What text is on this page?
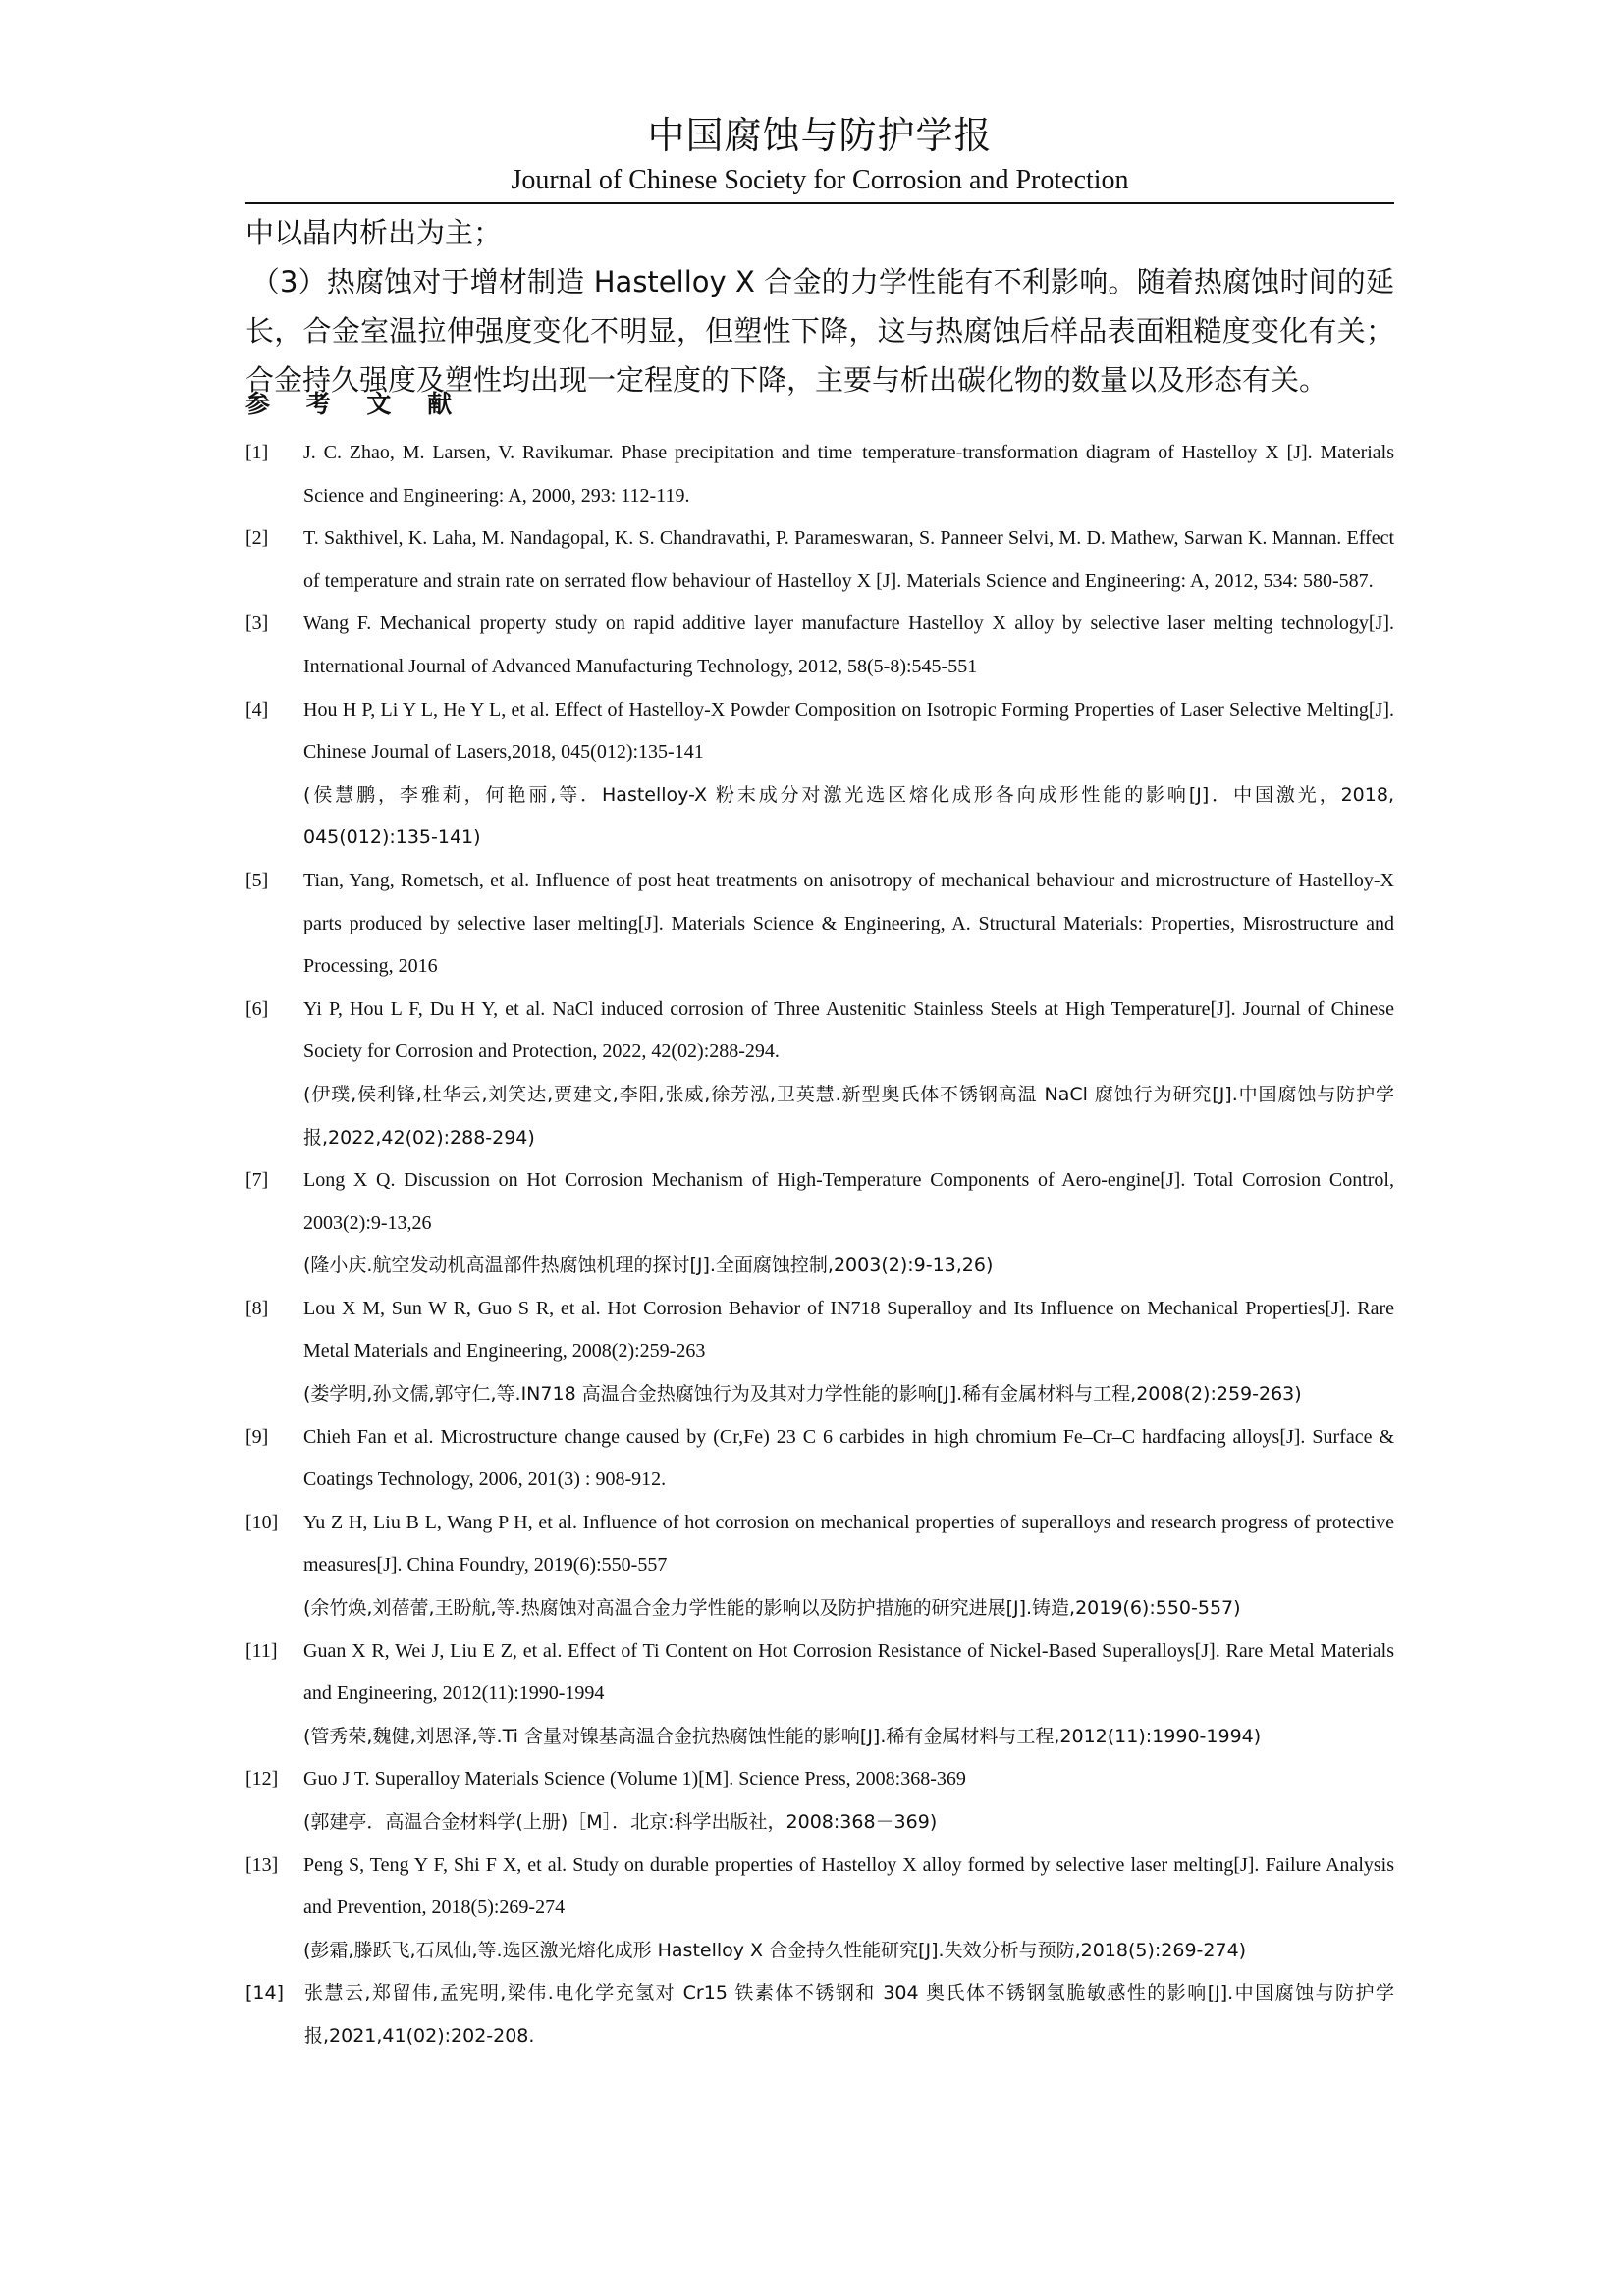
中国腐蚀与防护学报
Journal of Chinese Society for Corrosion and Protection

中以晶内析出为主；

（3）热腐蚀对于增材制造 Hastelloy X 合金的力学性能有不利影响。随着热腐蚀时间的延长，合金室温拉伸强度变化不明显，但塑性下降，这与热腐蚀后样品表面粗糙度变化有关；合金持久强度及塑性均出现一定程度的下降，主要与析出碳化物的数量以及形态有关。

参 考 文 献
[1] J. C. Zhao, M. Larsen, V. Ravikumar. Phase precipitation and time–temperature-transformation diagram of Hastelloy X [J]. Materials Science and Engineering: A, 2000, 293: 112-119.
[2] T. Sakthivel, K. Laha, M. Nandagopal, K. S. Chandravathi, P. Parameswaran, S. Panneer Selvi, M. D. Mathew, Sarwan K. Mannan. Effect of temperature and strain rate on serrated flow behaviour of Hastelloy X [J]. Materials Science and Engineering: A, 2012, 534: 580-587.
[3] Wang F. Mechanical property study on rapid additive layer manufacture Hastelloy X alloy by selective laser melting technology[J]. International Journal of Advanced Manufacturing Technology, 2012, 58(5-8):545-551
[4] Hou H P, Li Y L, He Y L, et al. Effect of Hastelloy-X Powder Composition on Isotropic Forming Properties of Laser Selective Melting[J]. Chinese Journal of Lasers,2018, 045(012):135-141
(侯慧鹏，李雅莉，何艳丽,等．Hastelloy-X 粉末成分对激光选区熔化成形各向成形性能的影响[J]．中国激光，2018, 045(012):135-141)
[5] Tian, Yang, Rometsch, et al. Influence of post heat treatments on anisotropy of mechanical behaviour and microstructure of Hastelloy-X parts produced by selective laser melting[J]. Materials Science & Engineering, A. Structural Materials: Properties, Misrostructure and Processing, 2016
[6] Yi P, Hou L F, Du H Y, et al. NaCl induced corrosion of Three Austenitic Stainless Steels at High Temperature[J]. Journal of Chinese Society for Corrosion and Protection, 2022, 42(02):288-294.
(伊璞,侯利锋,杜华云,刘笑达,贾建文,李阳,张威,徐芳泓,卫英慧.新型奥氏体不锈钢高温 NaCl 腐蚀行为研究[J].中国腐蚀与防护学报,2022,42(02):288-294)
[7] Long X Q. Discussion on Hot Corrosion Mechanism of High-Temperature Components of Aero-engine[J]. Total Corrosion Control, 2003(2):9-13,26
(隆小庆.航空发动机高温部件热腐蚀机理的探讨[J].全面腐蚀控制,2003(2):9-13,26)
[8] Lou X M, Sun W R, Guo S R, et al. Hot Corrosion Behavior of IN718 Superalloy and Its Influence on Mechanical Properties[J]. Rare Metal Materials and Engineering, 2008(2):259-263
(娄学明,孙文儒,郭守仁,等.IN718 高温合金热腐蚀行为及其对力学性能的影响[J].稀有金属材料与工程,2008(2):259-263)
[9] Chieh Fan et al. Microstructure change caused by (Cr,Fe) 23 C 6 carbides in high chromium Fe–Cr–C hardfacing alloys[J]. Surface & Coatings Technology, 2006, 201(3) : 908-912.
[10] Yu Z H, Liu B L, Wang P H, et al. Influence of hot corrosion on mechanical properties of superalloys and research progress of protective measures[J]. China Foundry, 2019(6):550-557
(余竹焕,刘蓓蕾,王盼航,等.热腐蚀对高温合金力学性能的影响以及防护措施的研究进展[J].铸造,2019(6):550-557)
[11] Guan X R, Wei J, Liu E Z, et al. Effect of Ti Content on Hot Corrosion Resistance of Nickel-Based Superalloys[J]. Rare Metal Materials and Engineering, 2012(11):1990-1994
(管秀荣,魏健,刘恩泽,等.Ti 含量对镍基高温合金抗热腐蚀性能的影响[J].稀有金属材料与工程,2012(11):1990-1994)
[12] Guo J T. Superalloy Materials Science (Volume 1)[M]. Science Press, 2008:368-369
(郭建亭．高温合金材料学(上册)［M］．北京:科学出版社，2008:368－369)
[13] Peng S, Teng Y F, Shi F X, et al. Study on durable properties of Hastelloy X alloy formed by selective laser melting[J]. Failure Analysis and Prevention, 2018(5):269-274
(彭霜,滕跃飞,石凤仙,等.选区激光熔化成形 Hastelloy X 合金持久性能研究[J].失效分析与预防,2018(5):269-274)
[14] 张慧云,郑留伟,孟宪明,梁伟.电化学充氢对 Cr15 铁素体不锈钢和 304 奥氏体不锈钢氢脆敏感性的影响[J].中国腐蚀与防护学报,2021,41(02):202-208.
